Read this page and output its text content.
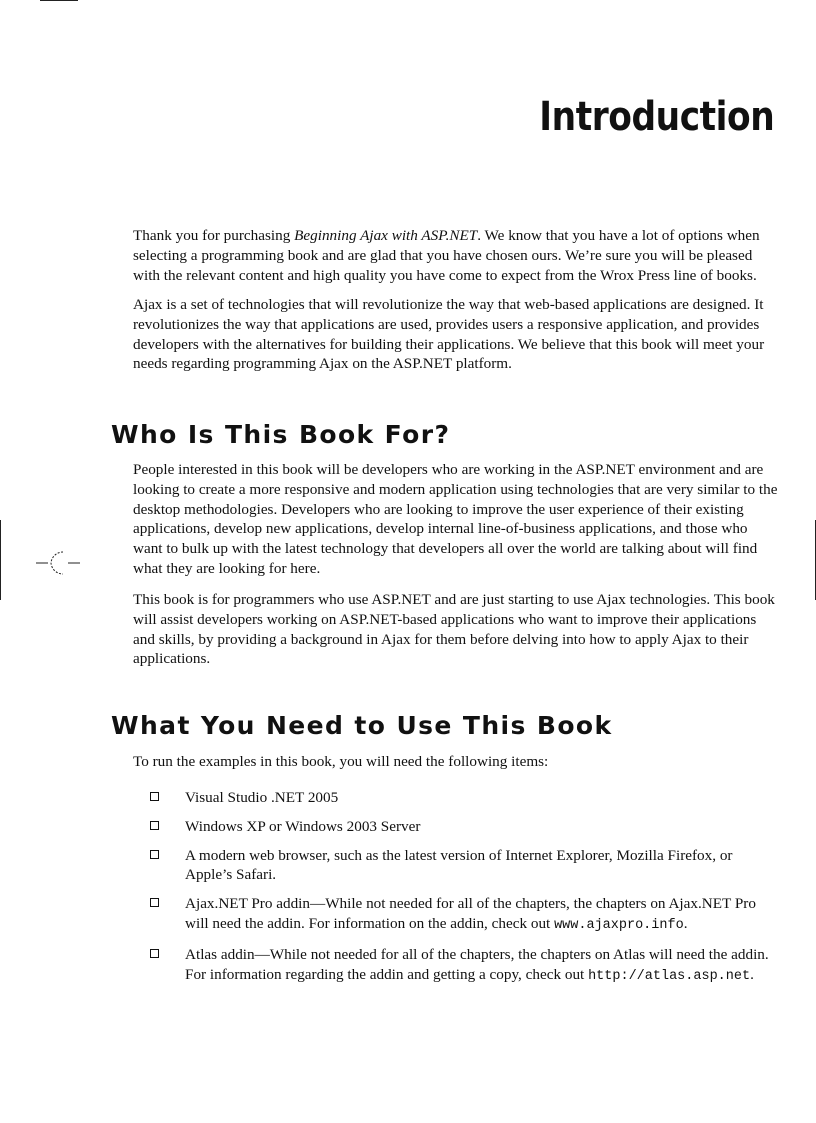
Introduction

Thank you for purchasing Beginning Ajax with ASP.NET. We know that you have a lot of options when selecting a programming book and are glad that you have chosen ours. We’re sure you will be pleased with the relevant content and high quality you have come to expect from the Wrox Press line of books.

Ajax is a set of technologies that will revolutionize the way that web-based applications are designed. It revolutionizes the way that applications are used, provides users a responsive application, and provides developers with the alternatives for building their applications. We believe that this book will meet your needs regarding programming Ajax on the ASP.NET platform.

Who Is This Book For?

People interested in this book will be developers who are working in the ASP.NET environment and are looking to create a more responsive and modern application using technologies that are very similar to the desktop methodologies. Developers who are looking to improve the user experience of their existing applications, develop new applications, develop internal line-of-business applications, and those who want to bulk up with the latest technology that developers all over the world are talking about will find what they are looking for here.

This book is for programmers who use ASP.NET and are just starting to use Ajax technologies. This book will assist developers working on ASP.NET-based applications who want to improve their applications and skills, by providing a background in Ajax for them before delving into how to apply Ajax to their applications.

What You Need to Use This Book

To run the examples in this book, you will need the following items:

Visual Studio .NET 2005
Windows XP or Windows 2003 Server
A modern web browser, such as the latest version of Internet Explorer, Mozilla Firefox, or Apple’s Safari.
Ajax.NET Pro addin—While not needed for all of the chapters, the chapters on Ajax.NET Pro will need the addin. For information on the addin, check out www.ajaxpro.info.
Atlas addin—While not needed for all of the chapters, the chapters on Atlas will need the addin. For information regarding the addin and getting a copy, check out http://atlas.asp.net.
